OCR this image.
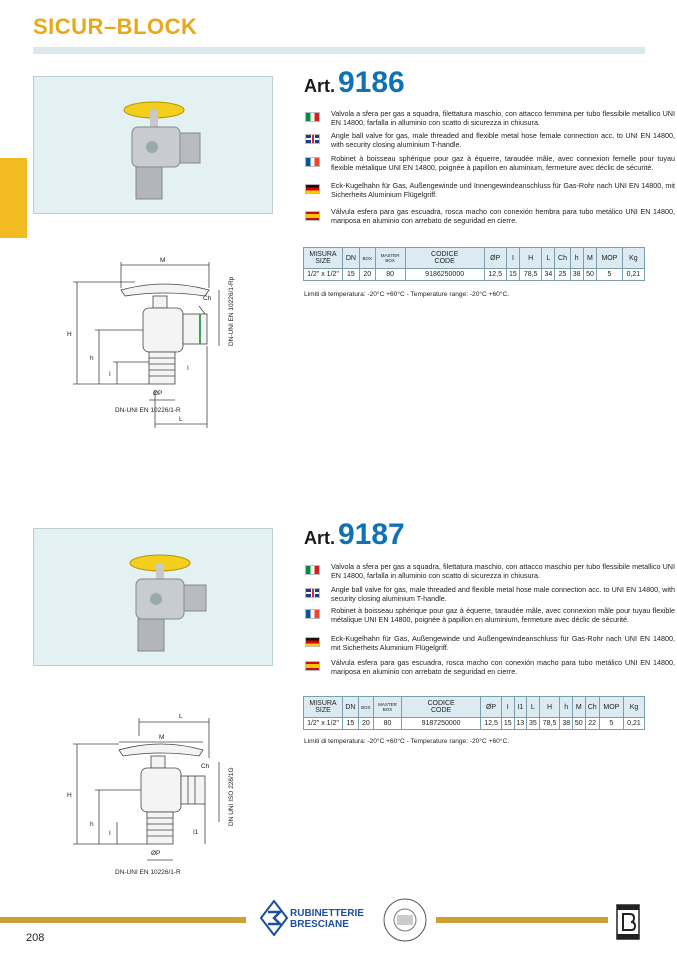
SICUR–BLOCK
Art. 9186
Valvola a sfera per gas a squadra, filettatura maschio, con attacco femmina per tubo flessibile metallico UNI EN 14800, farfalla in alluminio con scatto di sicurezza in chiusura.
Angle ball valve for gas, male threaded and flexible metal hose female connection acc. to UNI EN 14800, with security closing aluminium T-handle.
Robinet à boisseau sphérique pour gaz à équerre, taraudée mâle, avec connexion femelle pour tuyau flexible métalique UNI EN 14800, poignée à papillon en aluminium, fermeture avec déclic de sécurité.
Eck-Kugelhahn für Gas, Außengewinde und Innengewindeanschluss für Gas-Rohr nach UNI EN 14800, mit Sicherheits Aluminium Flügelgriff.
Válvula esfera para gas escuadra, rosca macho con conexión hembra para tubo metálico UNI EN 14800, mariposa en aluminio con arrebato de seguridad en cierre.
MISURA
SIZE	DN	BOX	MASTER
BOX	CODICE
CODE	ØP	I	H	L	Ch	h	M	MOP	Kg
1/2" x 1/2"	15	20	80	9186250000	12,5	15	78,5	34	25	38	50	5	0,21
Limiti di temperatura: -20°C +60°C - Temperature range: -20°C +60°C.
M
H
h
I
I
Ch
ØP
L
DN-UNI EN 10226/1-R
DN-UNI EN 10226/1-Rp
Art. 9187
Valvola a sfera per gas a squadra, filettatura maschio, con attacco maschio per tubo flessibile metallico UNI EN 14800, farfalla in alluminio con scatto di sicurezza in chiusura.
Angle ball valve for gas, male threaded and flexible metal hose male connection acc. to UNI EN 14800, with security closing aluminium T-handle.
Robinet à boisseau sphérique pour gaz à équerre, taraudée mâle, avec connexion mâle pour tuyau flexible métalique UNI EN 14800, poignée à papillon en aluminium, fermeture avec déclic de sécurité.
Eck-Kugelhahn für Gas, Außengewinde und Außengewindeanschluss für Gas-Rohr nach UNI EN 14800, mit Sicherheits Aluminium Flügelgriff.
Válvula esfera para gas escuadra, rosca macho con conexión macho para tubo metálico UNI EN 14800, mariposa en aluminio con arrebato de seguridad en cierre.
MISURA
SIZE	DN	BOX	MASTER
BOX	CODICE
CODE	ØP	I	I1	L	H	h	M	Ch	MOP	Kg
1/2" x 1/2"	15	20	80	9187250000	12,5	15	13	35	78,5	38	50	22	5	0,21
Limiti di temperatura: -20°C +60°C - Temperature range: -20°C +60°C.
L
M
H
h
I	I1
Ch
ØP
DN-UNI EN 10226/1-R
DN UNI ISO 228/1G
RUBINETTERIE
BRESCIANE
208
